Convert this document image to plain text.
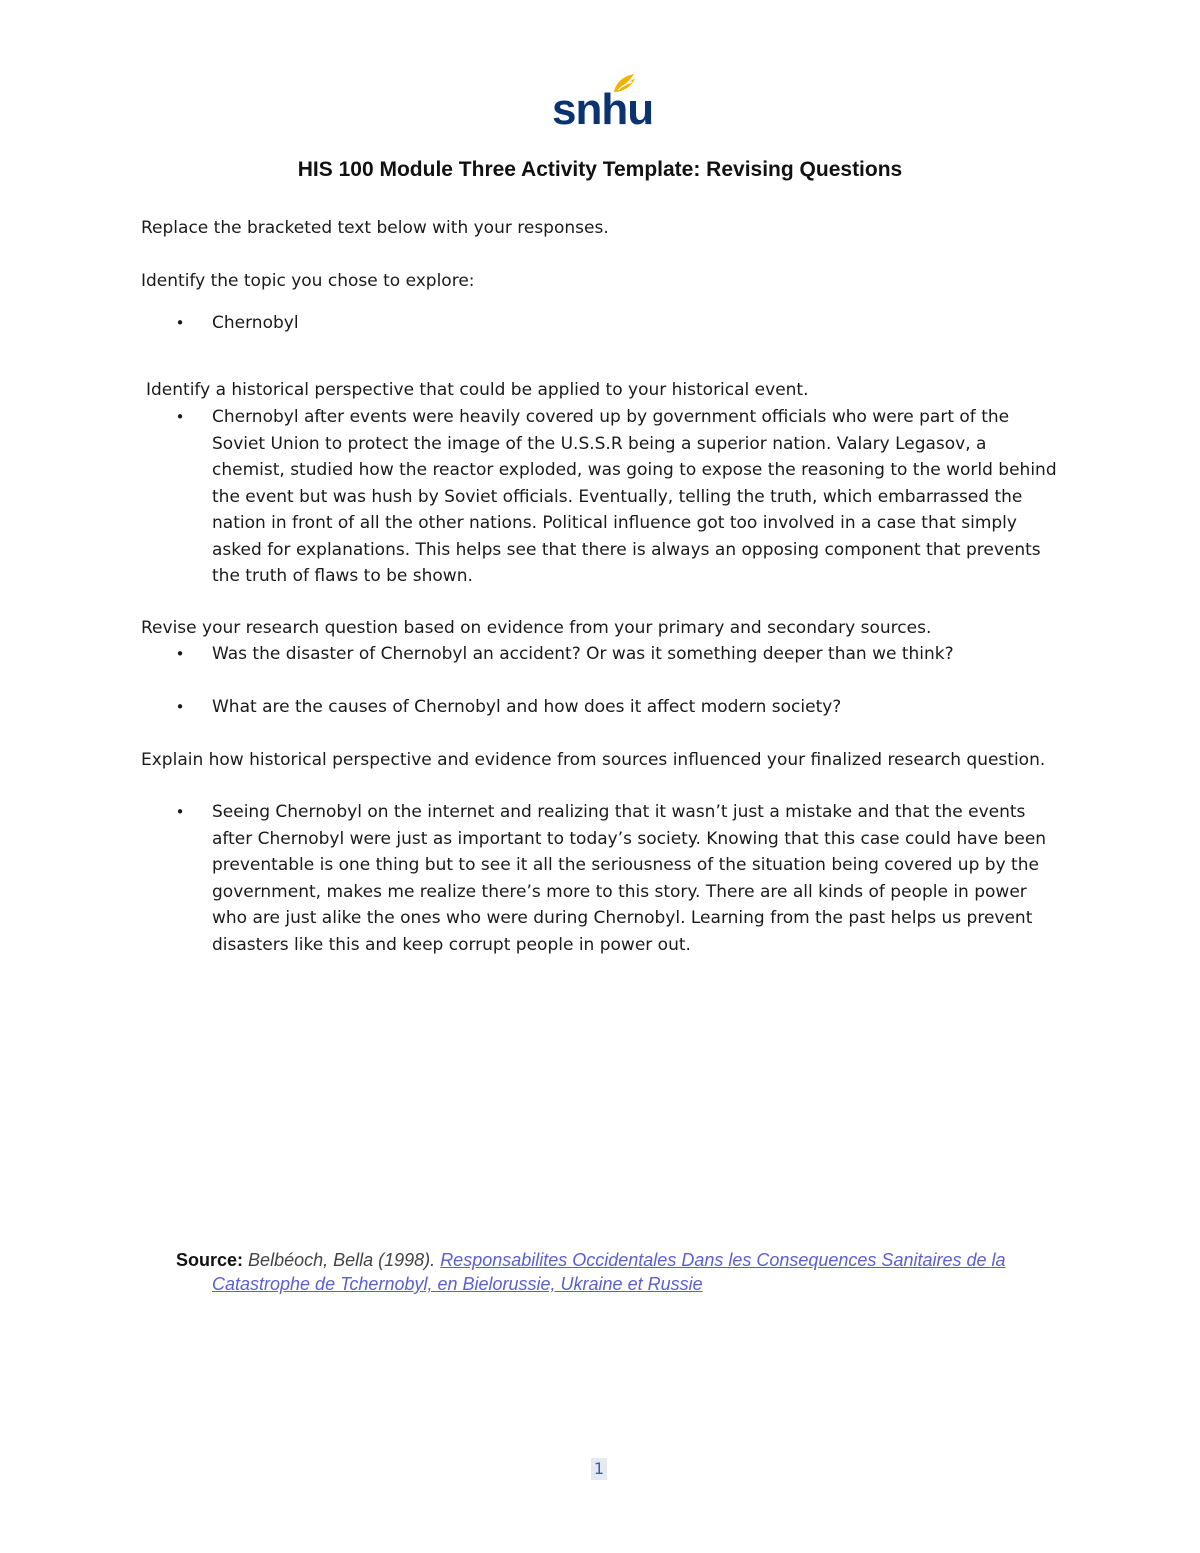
snhu
HIS 100 Module Three Activity Template: Revising Questions
Replace the bracketed text below with your responses.
Identify the topic you chose to explore:
• Chernobyl
Identify a historical perspective that could be applied to your historical event.
• Chernobyl after events were heavily covered up by government officials who were part of the Soviet Union to protect the image of the U.S.S.R being a superior nation. Valary Legasov, a chemist, studied how the reactor exploded, was going to expose the reasoning to the world behind the event but was hush by Soviet officials. Eventually, telling the truth, which embarrassed the nation in front of all the other nations. Political influence got too involved in a case that simply asked for explanations. This helps see that there is always an opposing component that prevents the truth of flaws to be shown.
Revise your research question based on evidence from your primary and secondary sources.
• Was the disaster of Chernobyl an accident? Or was it something deeper than we think?
• What are the causes of Chernobyl and how does it affect modern society?
Explain how historical perspective and evidence from sources influenced your finalized research question.
• Seeing Chernobyl on the internet and realizing that it wasn’t just a mistake and that the events after Chernobyl were just as important to today’s society. Knowing that this case could have been preventable is one thing but to see it all the seriousness of the situation being covered up by the government, makes me realize there’s more to this story. There are all kinds of people in power who are just alike the ones who were during Chernobyl. Learning from the past helps us prevent disasters like this and keep corrupt people in power out.
Source: Belbéoch, Bella (1998). Responsabilites Occidentales Dans les Consequences Sanitaires de la Catastrophe de Tchernobyl, en Bielorussie, Ukraine et Russie
1
